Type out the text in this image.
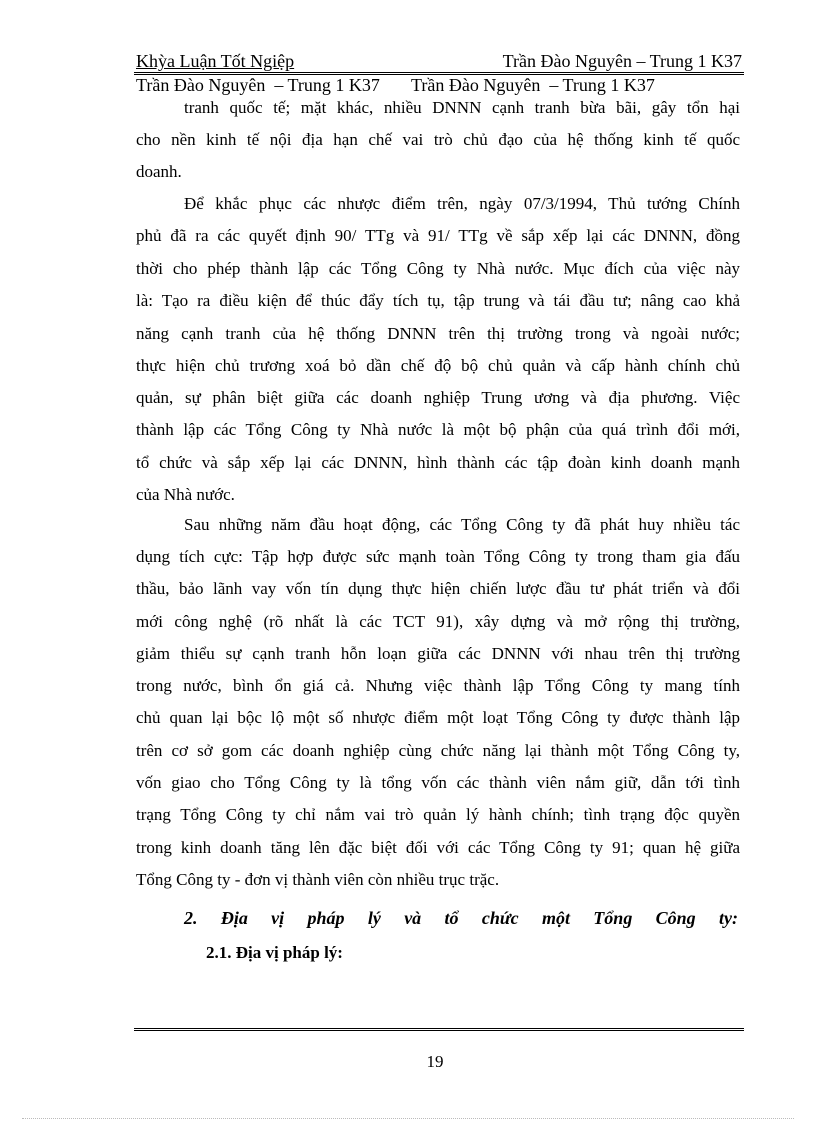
Khỳa Luận Tốt Ngiệp	Trần Đào Nguyên – Trung 1 K37
Trần Đào Nguyên  – Trung 1 K37       Trần Đào Nguyên  – Trung 1 K37
tranh quốc tế; mặt khác, nhiều DNNN cạnh tranh bừa bãi, gây tổn hại
cho nền kinh tế nội địa hạn chế vai trò chủ đạo của hệ thống kinh tế quốc
doanh.
Để khắc phục các nhược điểm trên, ngày 07/3/1994, Thủ tướng Chính
phủ đã ra các quyết định 90/ TTg và 91/ TTg về sắp xếp lại các DNNN, đồng
thời cho phép thành lập các Tổng Công ty Nhà nước. Mục đích của việc này
là: Tạo ra điều kiện để thúc đẩy tích tụ, tập trung và tái đầu tư; nâng cao khả
năng cạnh tranh của hệ thống DNNN trên thị trường trong và ngoài nước;
thực hiện chủ trương xoá bỏ dần chế độ bộ chủ quản và cấp hành chính chủ
quản, sự phân biệt giữa các doanh nghiệp Trung ương và địa phương. Việc
thành lập các Tổng Công ty Nhà nước là một bộ phận của quá trình đổi mới,
tổ chức và sắp xếp lại các DNNN, hình thành các tập đoàn kinh doanh mạnh
của Nhà nước.
Sau những năm đầu hoạt động, các Tổng Công ty đã phát huy nhiều tác
dụng tích cực: Tập hợp được sức mạnh toàn Tổng Công ty trong tham gia đấu
thầu, bảo lãnh vay vốn tín dụng thực hiện chiến lược đầu tư phát triển và đổi
mới công nghệ (rõ nhất là các TCT 91), xây dựng và mở rộng thị trường,
giảm thiểu sự cạnh tranh hỗn loạn giữa các DNNN với nhau trên thị trường
trong nước, bình ổn giá cả. Nhưng việc thành lập Tổng Công ty mang tính
chủ quan lại bộc lộ một số nhược điểm một loạt Tổng Công ty được thành lập
trên cơ sở gom các doanh nghiệp cùng chức năng lại thành một Tổng Công ty,
vốn giao cho Tổng Công ty là tổng vốn các thành viên nắm giữ, dẫn tới tình
trạng Tổng Công ty chỉ nắm vai trò quản lý hành chính; tình trạng độc quyền
trong kinh doanh tăng lên đặc biệt đối với các Tổng Công ty 91; quan hệ giữa
Tổng Công ty - đơn vị thành viên còn nhiều trục trặc.
2. Địa vị pháp lý và tổ chức một Tổng Công ty:
2.1. Địa vị pháp lý:
19
